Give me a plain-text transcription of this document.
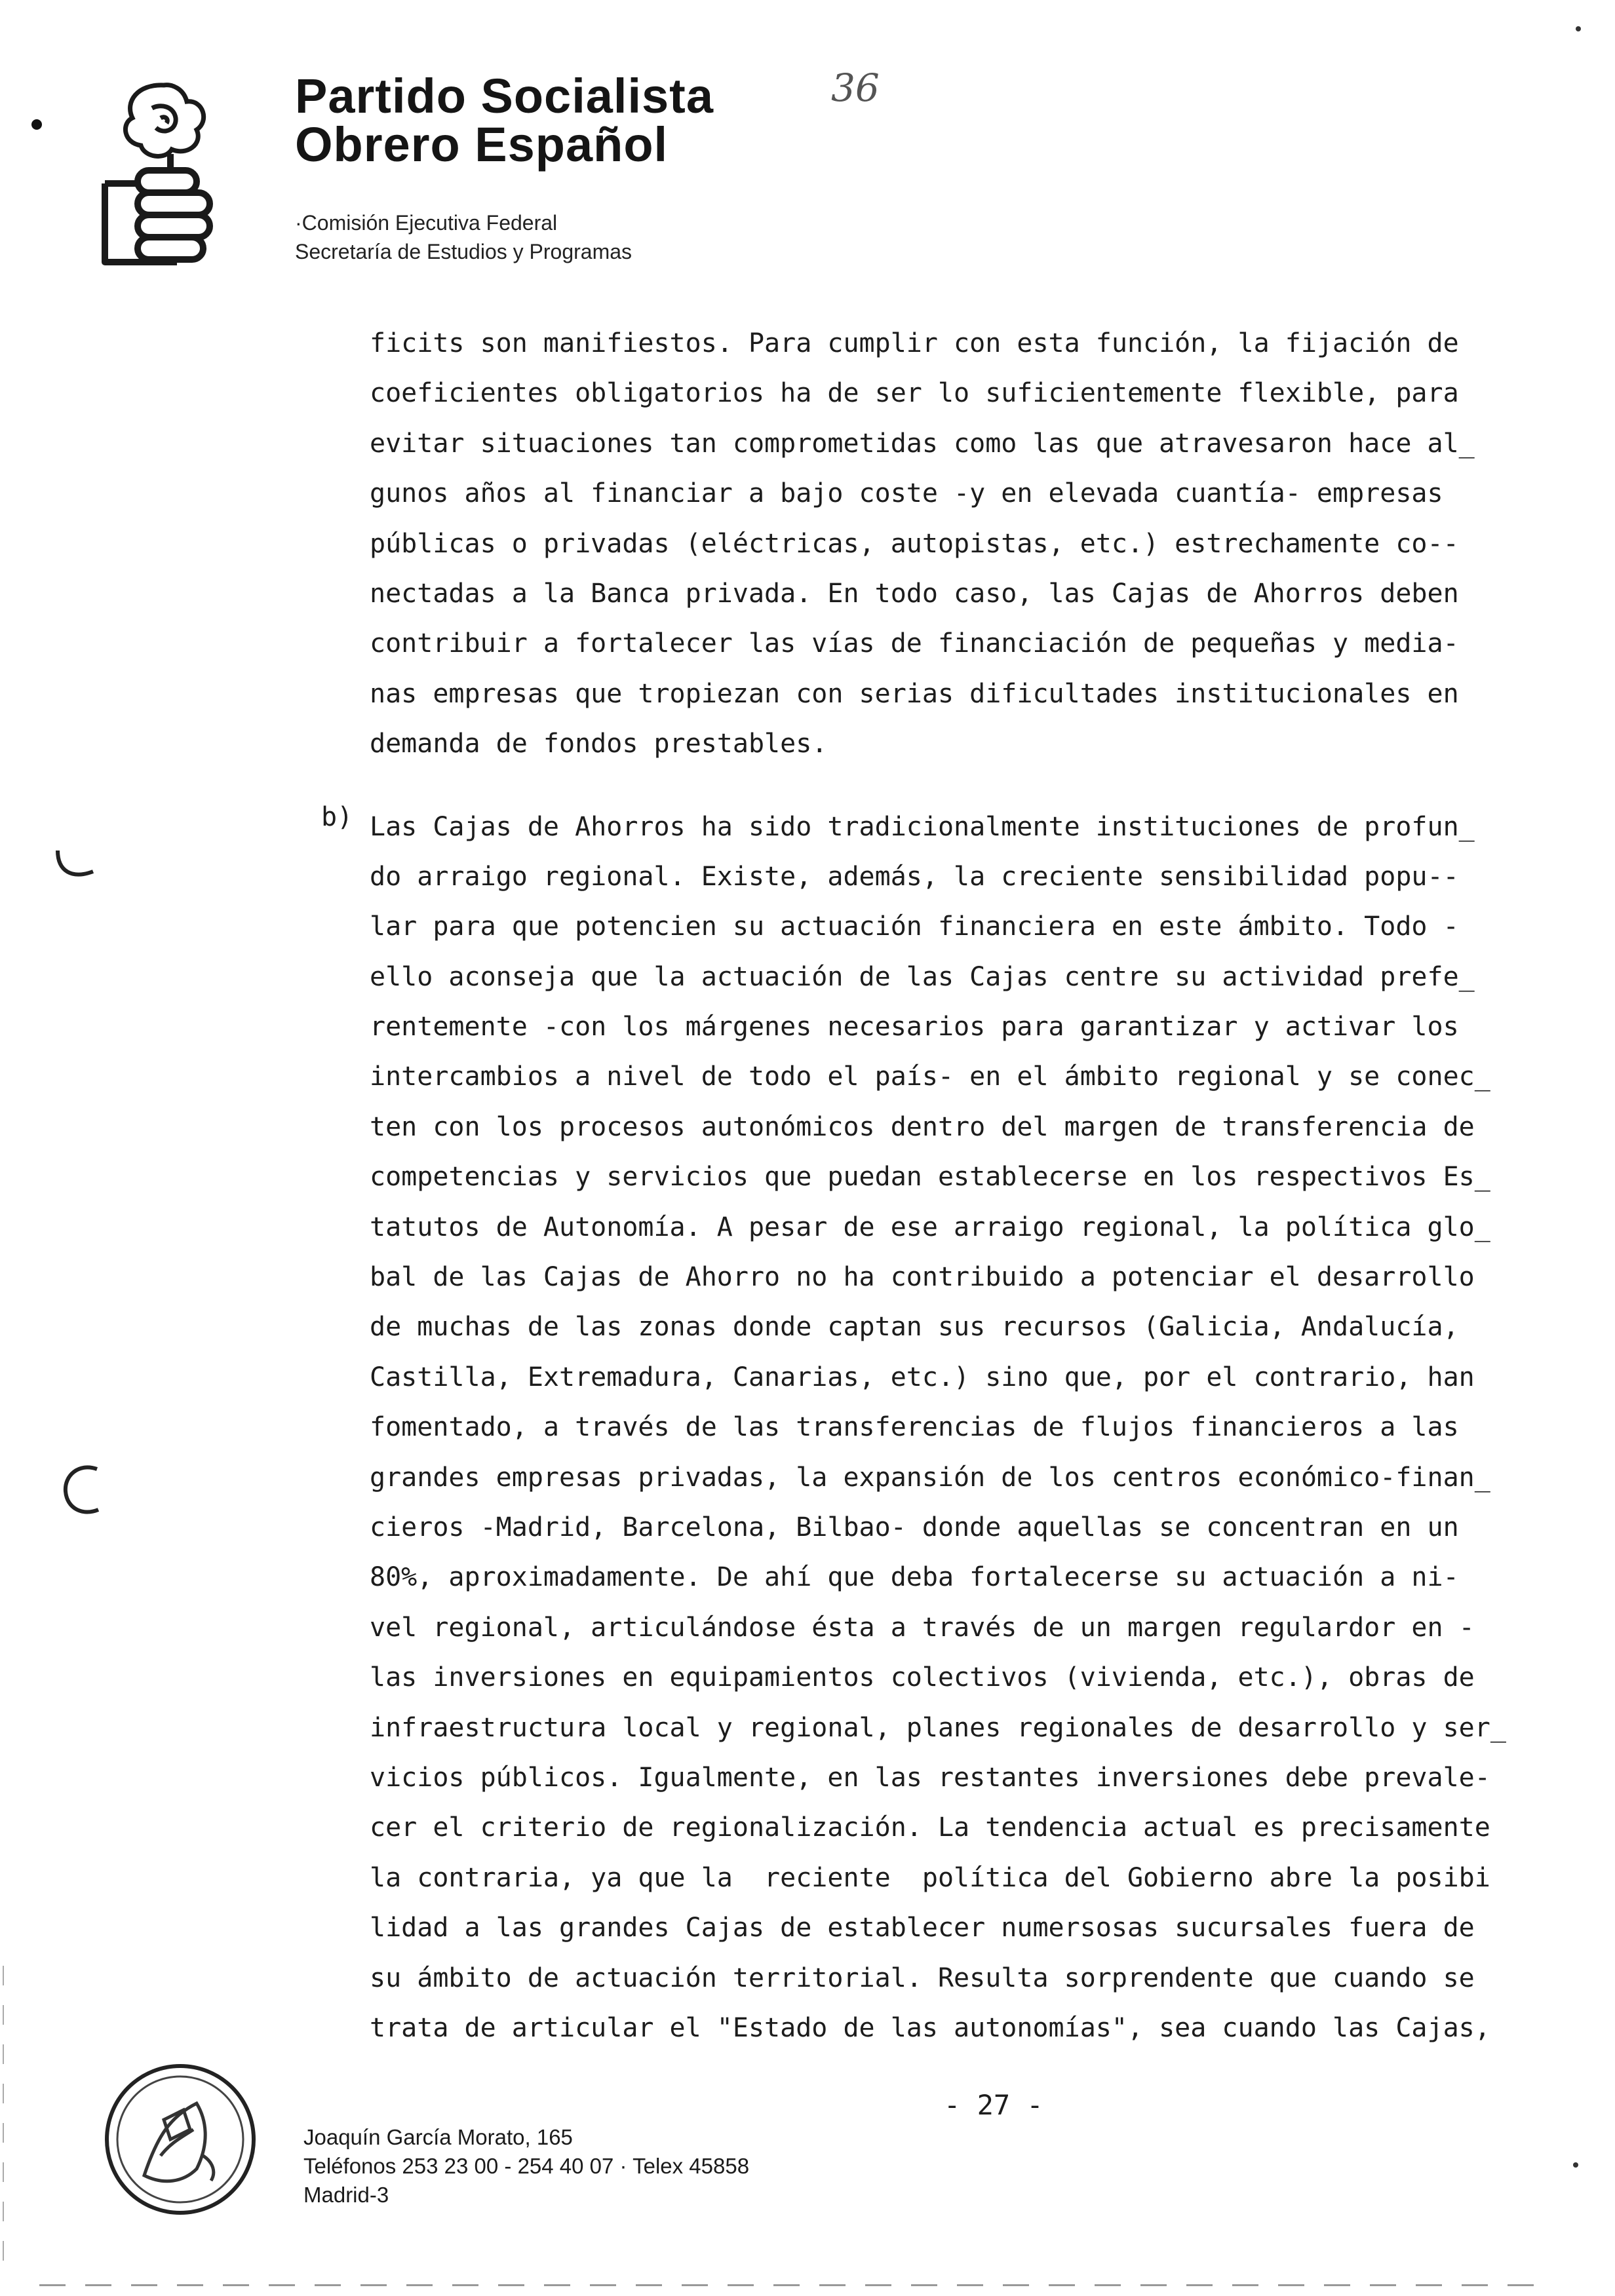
Partido Socialista
Obrero Español
·Comisión Ejecutiva Federal
Secretaría de Estudios y Programas
36
ficits son manifiestos. Para cumplir con esta función, la fijación de
coeficientes obligatorios ha de ser lo suficientemente flexible, para
evitar situaciones tan comprometidas como las que atravesaron hace al_
gunos años al financiar a bajo coste -y en elevada cuantía- empresas
públicas o privadas (eléctricas, autopistas, etc.) estrechamente co--
nectadas a la Banca privada. En todo caso, las Cajas de Ahorros deben
contribuir a fortalecer las vías de financiación de pequeñas y media-
nas empresas que tropiezan con serias dificultades institucionales en
demanda de fondos prestables.
b) Las Cajas de Ahorros ha sido tradicionalmente instituciones de profun_
do arraigo regional. Existe, además, la creciente sensibilidad popu--
lar para que potencien su actuación financiera en este ámbito. Todo -
ello aconseja que la actuación de las Cajas centre su actividad prefe_
rentemente -con los márgenes necesarios para garantizar y activar los
intercambios a nivel de todo el país- en el ámbito regional y se conec_
ten con los procesos autonómicos dentro del margen de transferencia de
competencias y servicios que puedan establecerse en los respectivos Es_
tatutos de Autonomía. A pesar de ese arraigo regional, la política glo_
bal de las Cajas de Ahorro no ha contribuido a potenciar el desarrollo
de muchas de las zonas donde captan sus recursos (Galicia, Andalucía,
Castilla, Extremadura, Canarias, etc.) sino que, por el contrario, han
fomentado, a través de las transferencias de flujos financieros a las
grandes empresas privadas, la expansión de los centros económico-finan_
cieros -Madrid, Barcelona, Bilbao- donde aquellas se concentran en un
80%, aproximadamente. De ahí que deba fortalecerse su actuación a ni-
vel regional, articulándose ésta a través de un margen regulardor en -
las inversiones en equipamientos colectivos (vivienda, etc.), obras de
infraestructura local y regional, planes regionales de desarrollo y ser_
vicios públicos. Igualmente, en las restantes inversiones debe prevale-
cer el criterio de regionalización. La tendencia actual es precisamente
la contraria, ya que la  reciente  política del Gobierno abre la posibi
lidad a las grandes Cajas de establecer numersosas sucursales fuera de
su ámbito de actuación territorial. Resulta sorprendente que cuando se
trata de articular el "Estado de las autonomías", sea cuando las Cajas,
- 27 -
Joaquín García Morato, 165
Teléfonos 253 23 00 - 254 40 07 · Telex 45858
Madrid-3
